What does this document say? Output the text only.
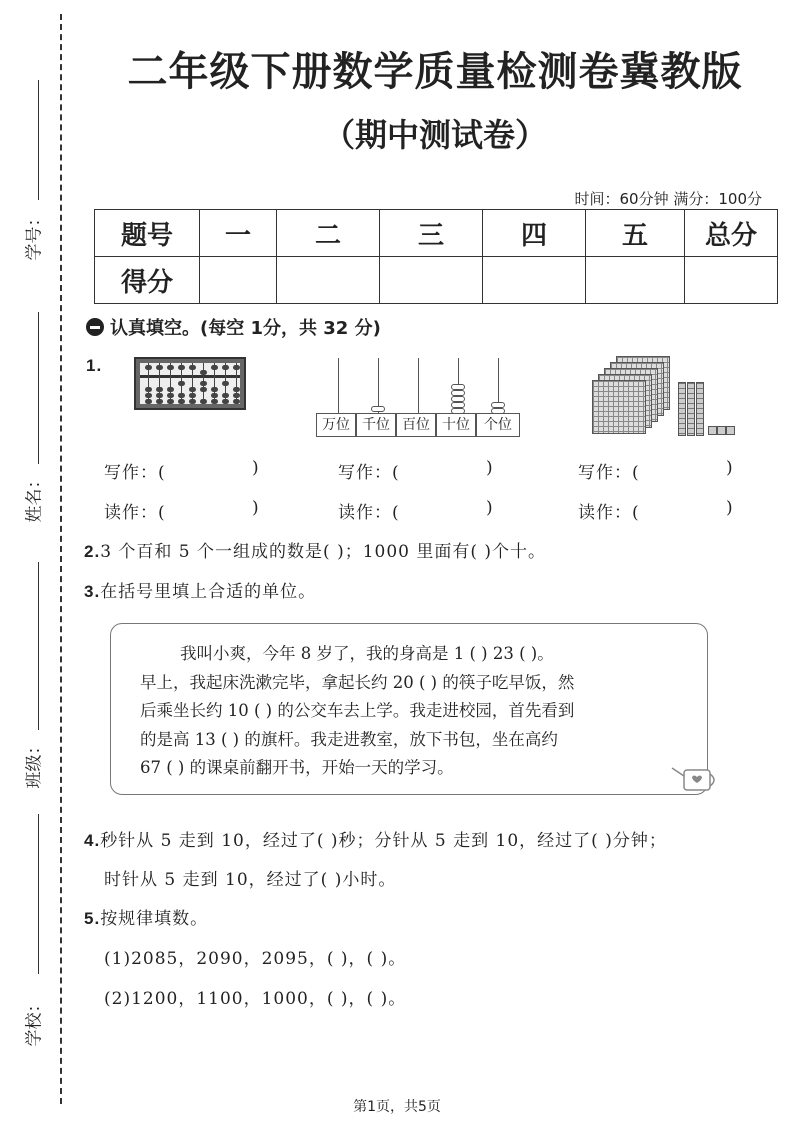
学号：
姓名：
班级：
学校：
二年级下册数学质量检测卷冀教版
（期中测试卷）
时间：60分钟 满分：100分
题号	一	二	三	四	五	总分
得分						
认真填空。(每空 1分，共 32 分)
1.
万位 千位 百位 十位	个位
写作：(	)	写作：(	)	写作：(	)
读作：(	)	读作：(	)	读作：(	)
2.3 个百和 5 个一组成的数是( )；1000 里面有( )个十。
3.在括号里填上合适的单位。
我叫小爽，今年 8 岁了，我的身高是 1 ( ) 23 ( )。
早上，我起床洗漱完毕，拿起长约 20 ( ) 的筷子吃早饭，然
后乘坐长约 10 ( ) 的公交车去上学。我走进校园，首先看到
的是高 13 ( ) 的旗杆。我走进教室，放下书包，坐在高约
67 ( ) 的课桌前翻开书，开始一天的学习。
4.秒针从 5 走到 10，经过了( )秒；分针从 5 走到 10，经过了( )分钟；
时针从 5 走到 10，经过了( )小时。
5.按规律填数。
(1)2085，2090，2095，( )，( )。
(2)1200，1100，1000，( )，( )。
第1页，共5页
